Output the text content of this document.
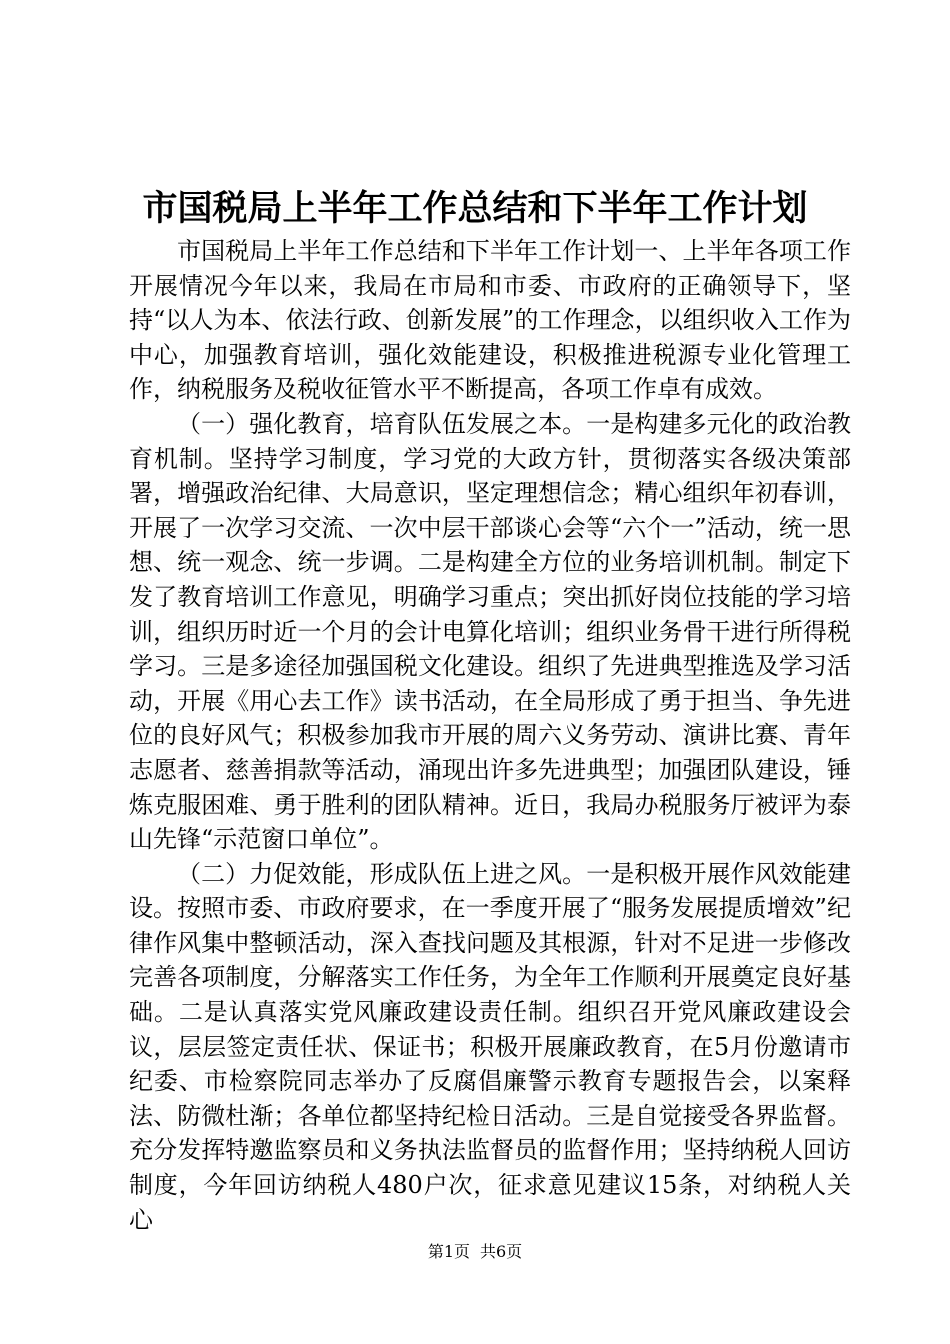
市国税局上半年工作总结和下半年工作计划

市国税局上半年工作总结和下半年工作计划一、上半年各项工作开展情况今年以来，我局在市局和市委、市政府的正确领导下，坚持“以人为本、依法行政、创新发展”的工作理念，以组织收入工作为中心，加强教育培训，强化效能建设，积极推进税源专业化管理工作，纳税服务及税收征管水平不断提高，各项工作卓有成效。

（一）强化教育，培育队伍发展之本。一是构建多元化的政治教育机制。坚持学习制度，学习党的大政方针，贯彻落实各级决策部署，增强政治纪律、大局意识，坚定理想信念；精心组织年初春训，开展了一次学习交流、一次中层干部谈心会等“六个一”活动，统一思想、统一观念、统一步调。二是构建全方位的业务培训机制。制定下发了教育培训工作意见，明确学习重点；突出抓好岗位技能的学习培训，组织历时近一个月的会计电算化培训；组织业务骨干进行所得税学习。三是多途径加强国税文化建设。组织了先进典型推选及学习活动，开展《用心去工作》读书活动，在全局形成了勇于担当、争先进位的良好风气；积极参加我市开展的周六义务劳动、演讲比赛、青年志愿者、慈善捐款等活动，涌现出许多先进典型；加强团队建设，锤炼克服困难、勇于胜利的团队精神。近日，我局办税服务厅被评为泰山先锋“示范窗口单位”。

（二）力促效能，形成队伍上进之风。一是积极开展作风效能建设。按照市委、市政府要求，在一季度开展了“服务发展提质增效”纪律作风集中整顿活动，深入查找问题及其根源，针对不足进一步修改完善各项制度，分解落实工作任务，为全年工作顺利开展奠定良好基础。二是认真落实党风廉政建设责任制。组织召开党风廉政建设会议，层层签定责任状、保证书；积极开展廉政教育，在5月份邀请市纪委、市检察院同志举办了反腐倡廉警示教育专题报告会，以案释法、防微杜渐；各单位都坚持纪检日活动。三是自觉接受各界监督。充分发挥特邀监察员和义务执法监督员的监督作用；坚持纳税人回访制度，今年回访纳税人480户次，征求意见建议15条，对纳税人关心

第1页 共6页
